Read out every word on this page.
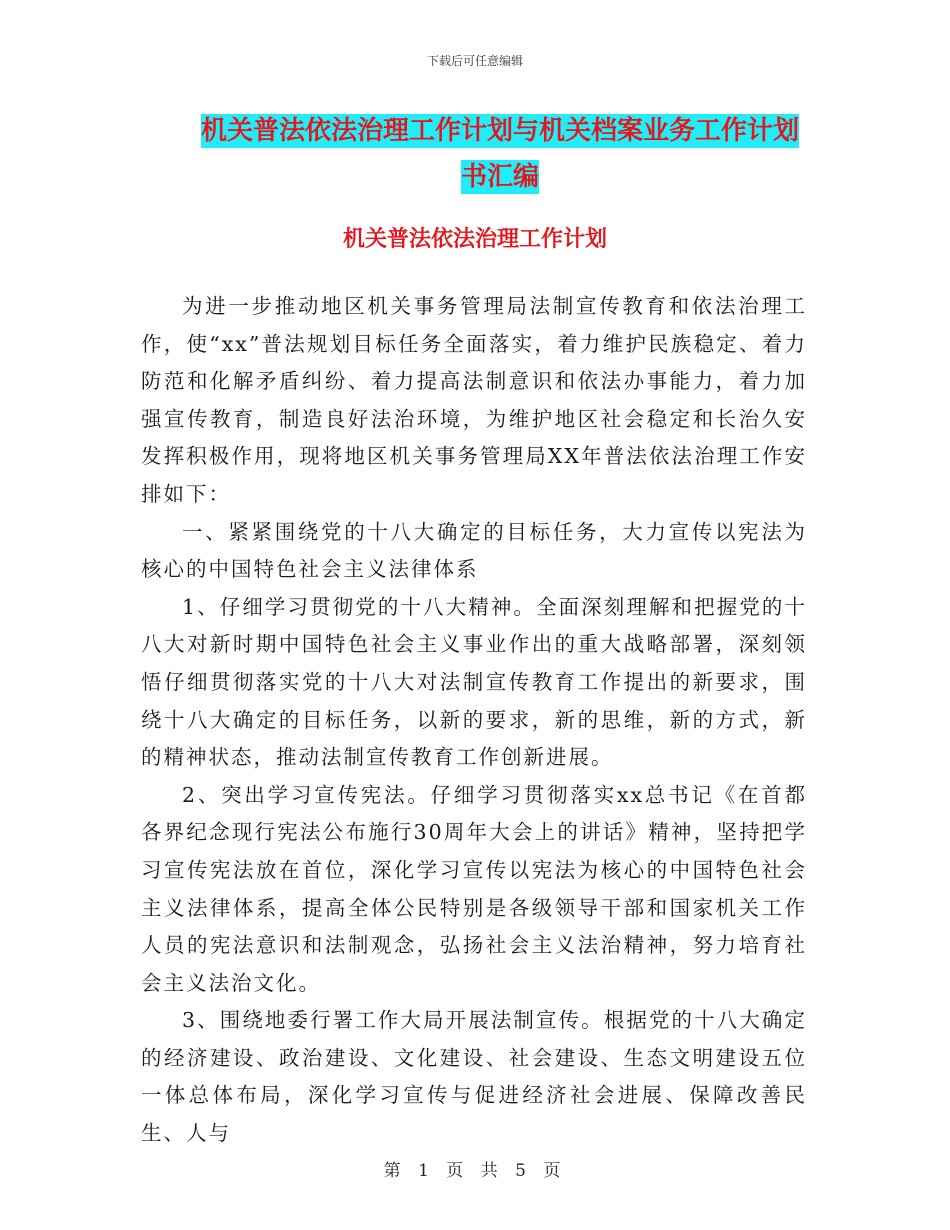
下载后可任意编辑
机关普法依法治理工作计划与机关档案业务工作计划
书汇编
机关普法依法治理工作计划

为进一步推动地区机关事务管理局法制宣传教育和依法治理工作，使“xx”普法规划目标任务全面落实，着力维护民族稳定、着力防范和化解矛盾纠纷、着力提高法制意识和依法办事能力，着力加强宣传教育，制造良好法治环境，为维护地区社会稳定和长治久安发挥积极作用，现将地区机关事务管理局XX年普法依法治理工作安排如下：

一、紧紧围绕党的十八大确定的目标任务，大力宣传以宪法为核心的中国特色社会主义法律体系

1、仔细学习贯彻党的十八大精神。全面深刻理解和把握党的十八大对新时期中国特色社会主义事业作出的重大战略部署，深刻领悟仔细贯彻落实党的十八大对法制宣传教育工作提出的新要求，围绕十八大确定的目标任务，以新的要求，新的思维，新的方式，新的精神状态，推动法制宣传教育工作创新进展。

2、突出学习宣传宪法。仔细学习贯彻落实xx总书记《在首都各界纪念现行宪法公布施行30周年大会上的讲话》精神，坚持把学习宣传宪法放在首位，深化学习宣传以宪法为核心的中国特色社会主义法律体系，提高全体公民特别是各级领导干部和国家机关工作人员的宪法意识和法制观念，弘扬社会主义法治精神，努力培育社会主义法治文化。

3、围绕地委行署工作大局开展法制宣传。根据党的十八大确定的经济建设、政治建设、文化建设、社会建设、生态文明建设五位一体总体布局，深化学习宣传与促进经济社会进展、保障改善民生、人与

第 1 页 共 5 页
